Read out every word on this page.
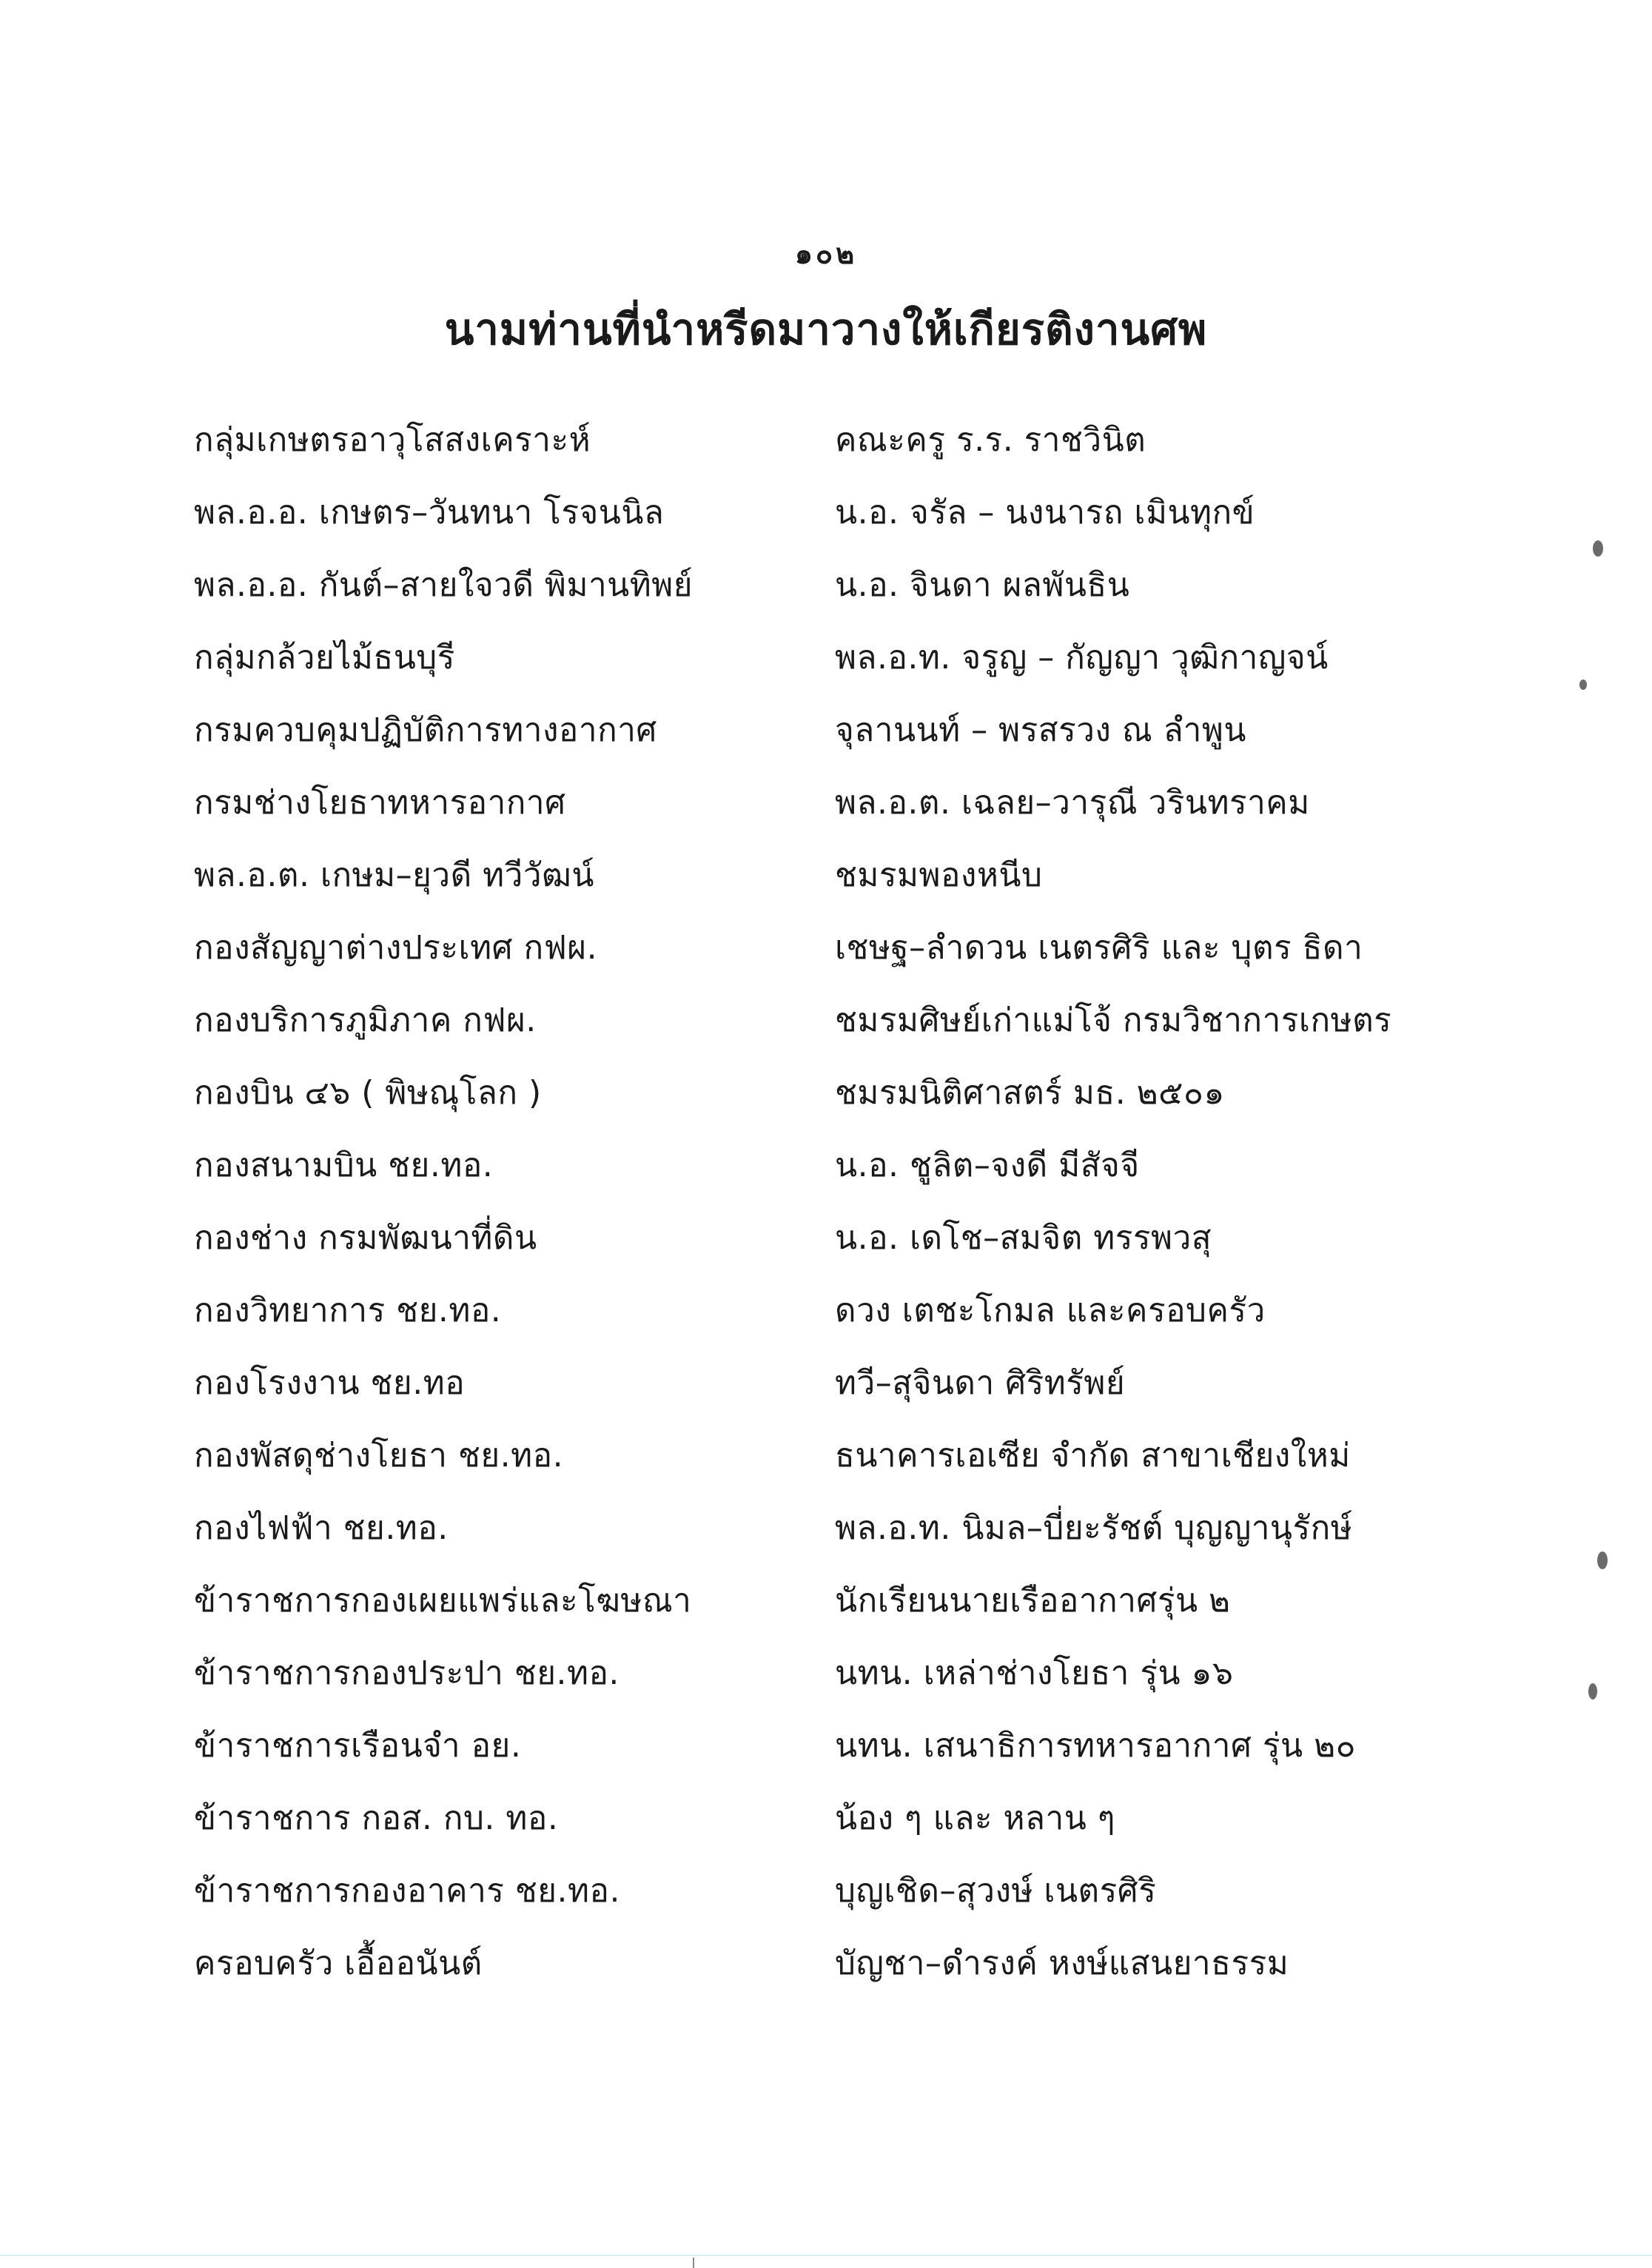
๑๐๒
นามท่านที่นำหรีดมาวางให้เกียรติงานศพ
กลุ่มเกษตรอาวุโสสงเคราะห์
พล.อ.อ. เกษตร–วันทนา โรจนนิล
พล.อ.อ. กันต์–สายใจวดี พิมานทิพย์
กลุ่มกล้วยไม้ธนบุรี
กรมควบคุมปฏิบัติการทางอากาศ
กรมช่างโยธาทหารอากาศ
พล.อ.ต. เกษม–ยุวดี ทวีวัฒน์
กองสัญญาต่างประเทศ กฟผ.
กองบริการภูมิภาค กฟผ.
กองบิน ๔๖ ( พิษณุโลก )
กองสนามบิน ชย.ทอ.
กองช่าง กรมพัฒนาที่ดิน
กองวิทยาการ ชย.ทอ.
กองโรงงาน ชย.ทอ
กองพัสดุช่างโยธา ชย.ทอ.
กองไฟฟ้า ชย.ทอ.
ข้าราชการกองเผยแพร่และโฆษณา
ข้าราชการกองประปา ชย.ทอ.
ข้าราชการเรือนจำ อย.
ข้าราชการ กอส. กบ. ทอ.
ข้าราชการกองอาคาร ชย.ทอ.
ครอบครัว เอื้ออนันต์
คณะครู ร.ร. ราชวินิต
น.อ. จรัล – นงนารถ เมินทุกข์
น.อ. จินดา ผลพันธิน
พล.อ.ท. จรูญ – กัญญา วุฒิกาญจน์
จุลานนท์ – พรสรวง ณ ลำพูน
พล.อ.ต. เฉลย–วารุณี วรินทราคม
ชมรมพองหนีบ
เชษฐ–ลำดวน เนตรศิริ และ บุตร ธิดา
ชมรมศิษย์เก่าแม่โจ้ กรมวิชาการเกษตร
ชมรมนิติศาสตร์ มธ. ๒๕๐๑
น.อ. ชูลิต–จงดี มีสัจจี
น.อ. เดโช–สมจิต ทรรพวสุ
ดวง เตชะโกมล และครอบครัว
ทวี–สุจินดา ศิริทรัพย์
ธนาคารเอเซีย จำกัด สาขาเชียงใหม่
พล.อ.ท. นิมล–บี่ยะรัชต์ บุญญานุรักษ์
นักเรียนนายเรืออากาศรุ่น ๒
นทน. เหล่าช่างโยธา รุ่น ๑๖
นทน. เสนาธิการทหารอากาศ รุ่น ๒๐
น้อง ๆ และ หลาน ๆ
บุญเชิด–สุวงษ์ เนตรศิริ
บัญชา–ดำรงค์ หงษ์แสนยาธรรม
